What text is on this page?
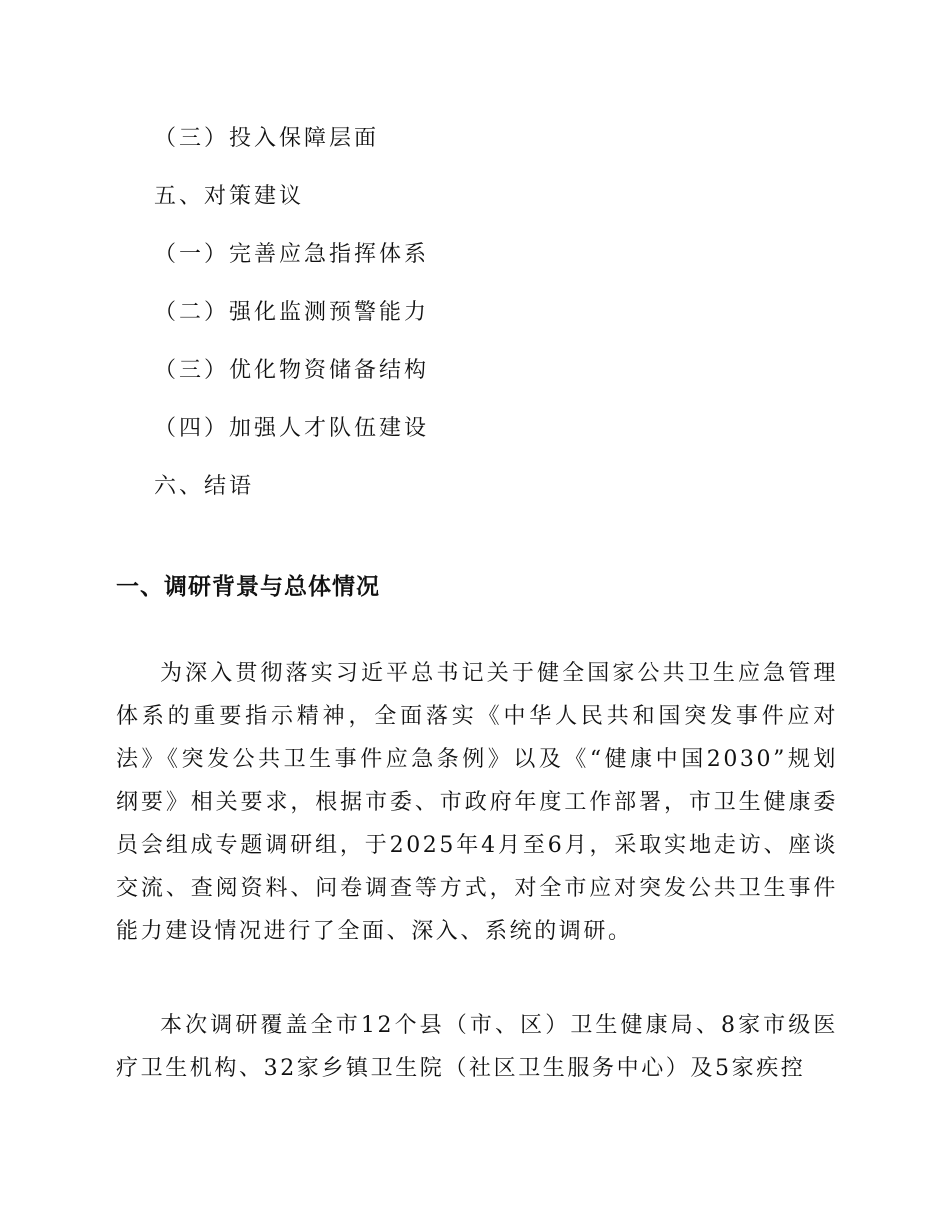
（三）投入保障层面
五、对策建议
（一）完善应急指挥体系
（二）强化监测预警能力
（三）优化物资储备结构
（四）加强人才队伍建设
六、结语
一、调研背景与总体情况

为深入贯彻落实习近平总书记关于健全国家公共卫生应急管理体系的重要指示精神，全面落实《中华人民共和国突发事件应对法》《突发公共卫生事件应急条例》以及《“健康中国2030”规划纲要》相关要求，根据市委、市政府年度工作部署，市卫生健康委员会组成专题调研组，于2025年4月至6月，采取实地走访、座谈交流、查阅资料、问卷调查等方式，对全市应对突发公共卫生事件能力建设情况进行了全面、深入、系统的调研。

本次调研覆盖全市12个县（市、区）卫生健康局、8家市级医疗卫生机构、32家乡镇卫生院（社区卫生服务中心）及5家疾控
